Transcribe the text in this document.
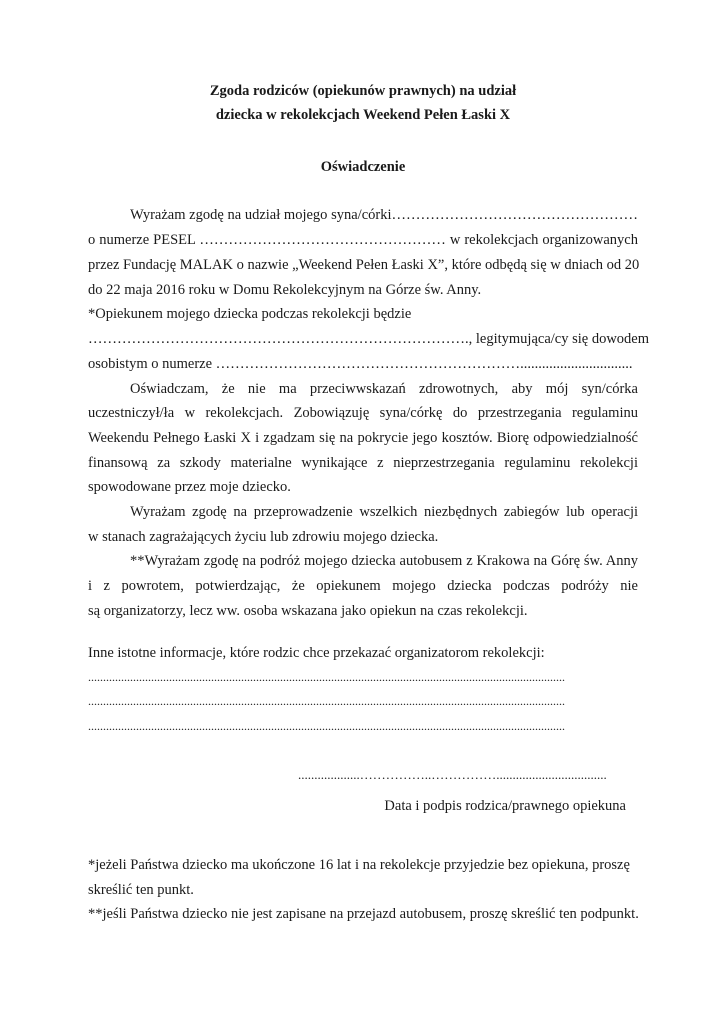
Zgoda rodziców (opiekunów prawnych) na udział
dziecka w rekolekcjach Weekend Pełen Łaski X
Oświadczenie
Wyrażam zgodę na udział mojego syna/córki……………………………………………
o numerze PESEL …………………………………………… w rekolekcjach organizowanych
przez Fundację MALAK o nazwie „Weekend Pełen Łaski X”, które odbędą się w dniach od 20
do 22 maja 2016 roku w Domu Rekolekcyjnym na Górze św. Anny.
*Opiekunem mojego dziecka podczas rekolekcji będzie
……………………………………………………………………., legitymująca/cy się dowodem
osobistym o numerze ………………………………………………………...............................
Oświadczam, że nie ma przeciwwskazań zdrowotnych, aby mój syn/córka
uczestniczył/ła w rekolekcjach. Zobowiązuję syna/córkę do przestrzegania regulaminu
Weekendu Pełnego Łaski X i zgadzam się na pokrycie jego kosztów. Biorę odpowiedzialność
finansową za szkody materialne wynikające z nieprzestrzegania regulaminu rekolekcji
spowodowane przez moje dziecko.
Wyrażam zgodę na przeprowadzenie wszelkich niezbędnych zabiegów lub operacji
w stanach zagrażających życiu lub zdrowiu mojego dziecka.
**Wyrażam zgodę na podróż mojego dziecka autobusem z Krakowa na Górę św. Anny
i z powrotem, potwierdzając, że opiekunem mojego dziecka podczas podróży nie
są organizatorzy, lecz ww. osoba wskazana jako opiekun na czas rekolekcji.
Inne istotne informacje, które rodzic chce przekazać organizatorom rekolekcji:
...............................................................................................................................................................
...............................................................................................................................................................
...............................................................................................................................................................
...................……………..……………..................................
Data i podpis rodzica/prawnego opiekuna
*jeżeli Państwa dziecko ma ukończone 16 lat i na rekolekcje przyjedzie bez opiekuna, proszę
skreślić ten punkt.
**jeśli Państwa dziecko nie jest zapisane na przejazd autobusem, proszę skreślić ten podpunkt.
